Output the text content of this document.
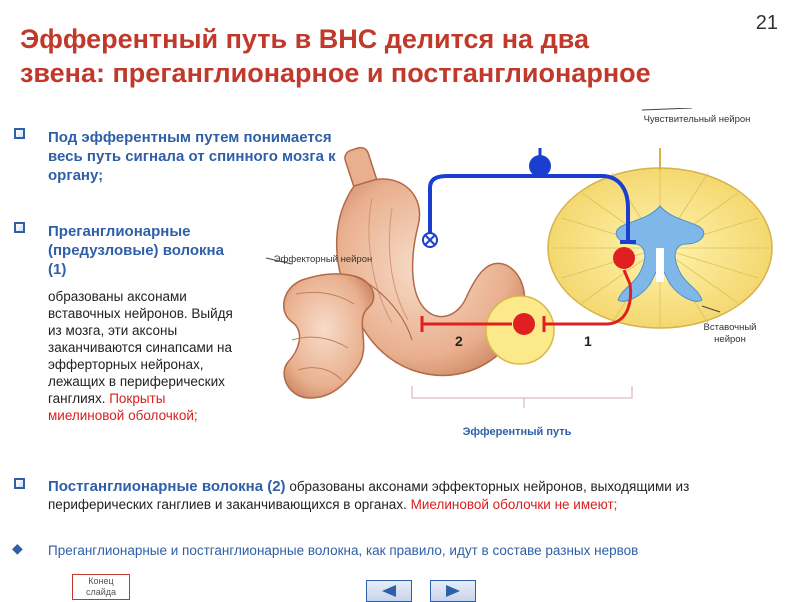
21
Эфферентный путь в ВНС делится на два
звена: преганглионарное и постганглионарное
Под эфферентным путем понимается весь путь сигнала от спинного мозга к органу;
Преганглионарные (предузловые) волокна (1)
образованы аксонами вставочных нейронов. Выйдя из мозга, эти аксоны заканчиваются синапсами на эфферторных нейронах, лежащих в периферических ганглиях. Покрыты миелиновой оболочкой;
Чувствительный нейрон
Эффекторный нейрон
Вставочный нейрон
2	1
Эфферентный путь
Постганглионарные волокна (2) образованы аксонами эффекторных нейронов, выходящими из периферических ганглиев и заканчивающихся в органах. Миелиновой оболочки не имеют;
◆ Преганглионарные и постганглионарные волокна, как правило, идут в составе разных нервов
Конец слайда
